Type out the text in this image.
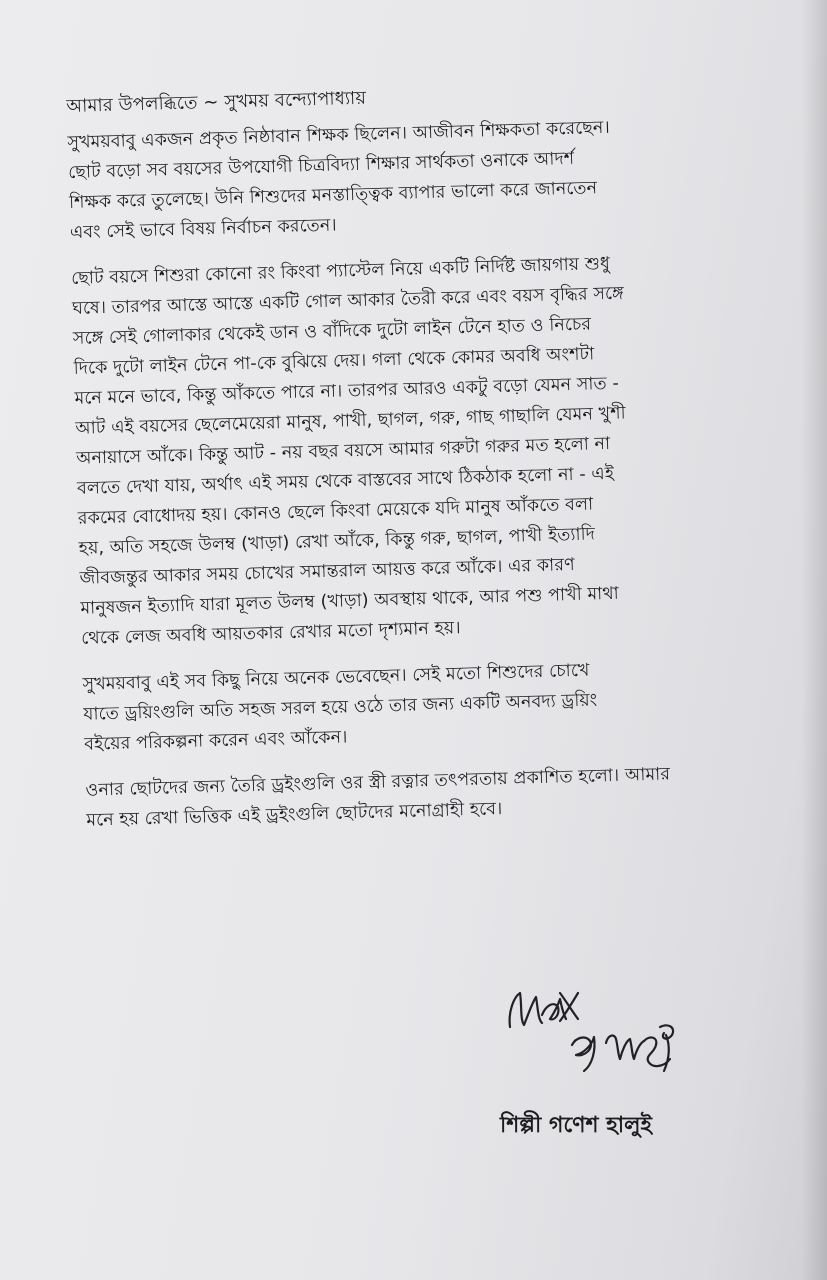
আমার উপলব্ধিতে ~ সুখময় বন্দ্যোপাধ্যায়
সুখময়বাবু একজন প্রকৃত নিষ্ঠাবান শিক্ষক ছিলেন। আজীবন শিক্ষকতা করেছেন।
ছোট বড়ো সব বয়সের উপযোগী চিত্রবিদ্যা শিক্ষার সার্থকতা ওনাকে আদর্শ
শিক্ষক করে তুলেছে। উনি শিশুদের মনস্তাত্ত্বিক ব্যাপার ভালো করে জানতেন
এবং সেই ভাবে বিষয় নির্বাচন করতেন।
ছোট বয়সে শিশুরা কোনো রং কিংবা প্যাস্টেল নিয়ে একটি নির্দিষ্ট জায়গায় শুধু
ঘষে। তারপর আস্তে আস্তে একটি গোল আকার তৈরী করে এবং বয়স বৃদ্ধির সঙ্গে
সঙ্গে সেই গোলাকার থেকেই ডান ও বাঁদিকে দুটো লাইন টেনে হাত ও নিচের
দিকে দুটো লাইন টেনে পা-কে বুঝিয়ে দেয়। গলা থেকে কোমর অবধি অংশটা
মনে মনে ভাবে, কিন্তু আঁকতে পারে না। তারপর আরও একটু বড়ো যেমন সাত -
আট এই বয়সের ছেলেমেয়েরা মানুষ, পাখী, ছাগল, গরু, গাছ গাছালি যেমন খুশী
অনায়াসে আঁকে। কিন্তু আট - নয় বছর বয়সে আমার গরুটা গরুর মত হলো না
বলতে দেখা যায়, অর্থাৎ এই সময় থেকে বাস্তবের সাথে ঠিকঠাক হলো না - এই
রকমের বোধোদয় হয়। কোনও ছেলে কিংবা মেয়েকে যদি মানুষ আঁকতে বলা
হয়, অতি সহজে উলম্ব (খাড়া) রেখা আঁকে, কিন্তু গরু, ছাগল, পাখী ইত্যাদি
জীবজন্তুর আকার সময় চোখের সমান্তরাল আয়ত্ত করে আঁকে। এর কারণ
মানুষজন ইত্যাদি যারা মূলত উলম্ব (খাড়া) অবস্থায় থাকে, আর পশু পাখী মাথা
থেকে লেজ অবধি আয়তকার রেখার মতো দৃশ্যমান হয়।
সুখময়বাবু এই সব কিছু নিয়ে অনেক ভেবেছেন। সেই মতো শিশুদের চোখে
যাতে ড্রয়িংগুলি অতি সহজ সরল হয়ে ওঠে তার জন্য একটি অনবদ্য ড্রয়িং
বইয়ের পরিকল্পনা করেন এবং আঁকেন।
ওনার ছোটদের জন্য তৈরি ড্রইংগুলি ওর স্ত্রী রত্নার তৎপরতায় প্রকাশিত হলো। আমার
মনে হয় রেখা ভিত্তিক এই ড্রইংগুলি ছোটদের মনোগ্রাহী হবে।
শিল্পী গণেশ হালুই
